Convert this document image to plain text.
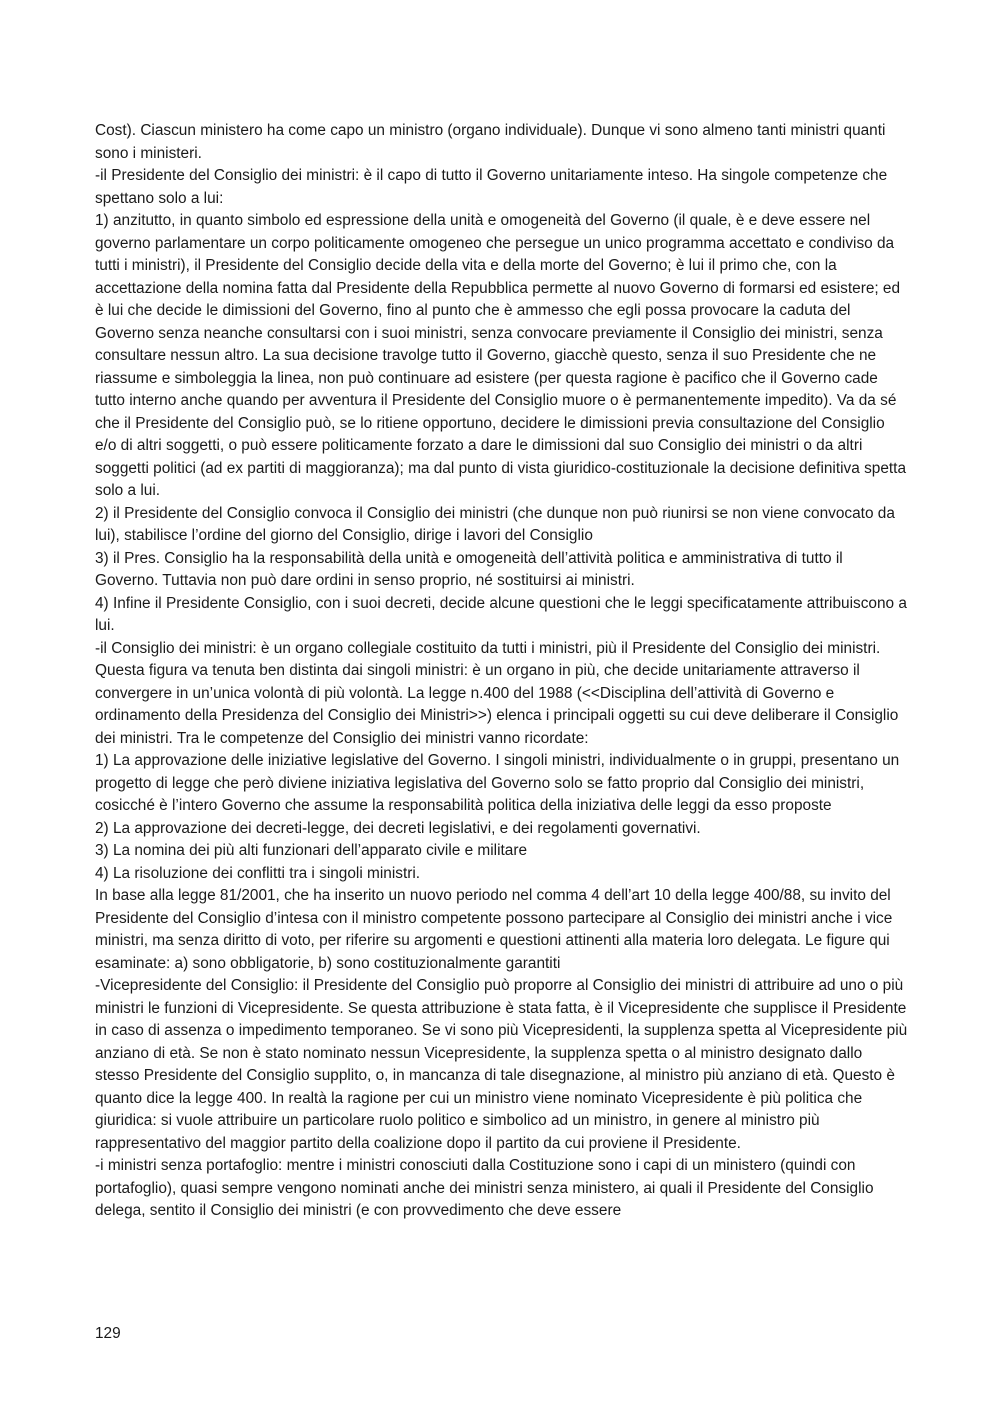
Cost). Ciascun ministero ha come capo un ministro (organo individuale). Dunque vi sono almeno tanti ministri quanti sono i ministeri.

-il Presidente del Consiglio dei ministri: è il capo di tutto il Governo unitariamente inteso. Ha singole competenze che spettano solo a lui:

1) anzitutto, in quanto simbolo ed espressione della unità e omogeneità del Governo (il quale, è e deve essere nel governo parlamentare un corpo politicamente omogeneo che persegue un unico programma accettato e condiviso da tutti i ministri), il Presidente del Consiglio decide della vita e della morte del Governo; è lui il primo che, con la accettazione della nomina fatta dal Presidente della Repubblica permette al nuovo Governo di formarsi ed esistere; ed è lui che decide le dimissioni del Governo, fino al punto che è ammesso che egli possa provocare la caduta del Governo senza neanche consultarsi con i suoi ministri, senza convocare previamente il Consiglio dei ministri, senza consultare nessun altro. La sua decisione travolge tutto il Governo, giacchè questo, senza il suo Presidente che ne riassume e simboleggia la linea, non può continuare ad esistere (per questa ragione è pacifico che il Governo cade tutto interno anche quando per avventura il Presidente del Consiglio muore o è permanentemente impedito). Va da sé che il Presidente del Consiglio può, se lo ritiene opportuno, decidere le dimissioni previa consultazione del Consiglio e/o di altri soggetti, o può essere politicamente forzato a dare le dimissioni dal suo Consiglio dei ministri o da altri soggetti politici (ad ex partiti di maggioranza); ma dal punto di vista giuridico-costituzionale la decisione definitiva spetta solo a lui.

2) il Presidente del Consiglio convoca il Consiglio dei ministri (che dunque non può riunirsi se non viene convocato da lui), stabilisce l’ordine del giorno del Consiglio, dirige i lavori del Consiglio

3) il Pres. Consiglio ha la responsabilità della unità e omogeneità dell’attività politica e amministrativa di tutto il Governo. Tuttavia non può dare ordini in senso proprio, né sostituirsi ai ministri.

4) Infine il Presidente Consiglio, con i suoi decreti, decide alcune questioni che le leggi specificatamente attribuiscono a lui.

-il Consiglio dei ministri: è un organo collegiale costituito da tutti i ministri, più il Presidente del Consiglio dei ministri. Questa figura va tenuta ben distinta dai singoli ministri: è un organo in più, che decide unitariamente attraverso il convergere in un’unica volontà di più volontà. La legge n.400 del 1988 (<<Disciplina dell’attività di Governo e ordinamento della Presidenza del Consiglio dei Ministri>>) elenca i principali oggetti su cui deve deliberare il Consiglio dei ministri. Tra le competenze del Consiglio dei ministri vanno ricordate:

1) La approvazione delle iniziative legislative del Governo. I singoli ministri, individualmente o in gruppi, presentano un progetto di legge che però diviene iniziativa legislativa del Governo solo se fatto proprio dal Consiglio dei ministri, cosicché è l’intero Governo che assume la responsabilità politica della iniziativa delle leggi da esso proposte

2) La approvazione dei decreti-legge, dei decreti legislativi, e dei regolamenti governativi.

3) La nomina dei più alti funzionari dell’apparato civile e militare

4) La risoluzione dei conflitti tra i singoli ministri.

In base alla legge 81/2001, che ha inserito un nuovo periodo nel comma 4 dell’art 10 della legge 400/88, su invito del Presidente del Consiglio d’intesa con il ministro competente possono partecipare al Consiglio dei ministri anche i vice ministri, ma senza diritto di voto, per riferire su argomenti e questioni attinenti alla materia loro delegata. Le figure qui esaminate: a) sono obbligatorie, b) sono costituzionalmente garantiti

-Vicepresidente del Consiglio: il Presidente del Consiglio può proporre al Consiglio dei ministri di attribuire ad uno o più ministri le funzioni di Vicepresidente. Se questa attribuzione è stata fatta, è il Vicepresidente che supplisce il Presidente in caso di assenza o impedimento temporaneo. Se vi sono più Vicepresidenti, la supplenza spetta al Vicepresidente più anziano di età. Se non è stato nominato nessun Vicepresidente, la supplenza spetta o al ministro designato dallo stesso Presidente del Consiglio supplito, o, in mancanza di tale disegnazione, al ministro più anziano di età. Questo è quanto dice la legge 400. In realtà la ragione per cui un ministro viene nominato Vicepresidente è più politica che giuridica: si vuole attribuire un particolare ruolo politico e simbolico ad un ministro, in genere al ministro più rappresentativo del maggior partito della coalizione dopo il partito da cui proviene il Presidente.

-i ministri senza portafoglio: mentre i ministri conosciuti dalla Costituzione sono i capi di un ministero (quindi con portafoglio), quasi sempre vengono nominati anche dei ministri senza ministero, ai quali il Presidente del Consiglio delega, sentito il Consiglio dei ministri (e con provvedimento che deve essere

129
